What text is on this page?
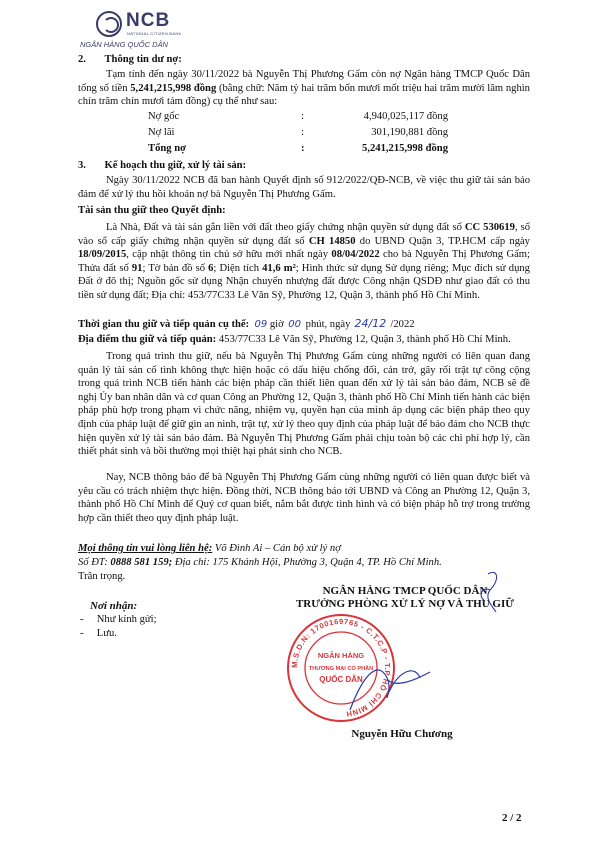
NCB
NATIONAL CITIZEN BANK
NGÂN HÀNG QUỐC DÂN
2.       Thông tin dư nợ:
Tạm tính đến ngày 30/11/2022 bà Nguyễn Thị Phương Gấm còn nợ Ngân hàng TMCP Quốc Dân tổng số tiền 5,241,215,998 đồng (bằng chữ: Năm tỷ hai trăm bốn mươi mốt triệu hai trăm mười lăm nghìn chín trăm chín mươi tám đồng) cụ thể như sau:
Nợ gốc	:	4,940,025,117 đồng
Nợ lãi	:	301,190,881 đồng
Tổng nợ	:	5,241,215,998 đồng
3.       Kế hoạch thu giữ, xử lý tài sản:
Ngày 30/11/2022 NCB đã ban hành Quyết định số 912/2022/QĐ-NCB, về việc thu giữ tài sản bảo đảm để xử lý thu hồi khoản nợ bà Nguyễn Thị Phương Gấm.
Tài sản thu giữ theo Quyết định:
Là Nhà, Đất và tài sản gắn liền với đất theo giấy chứng nhận quyền sử dụng đất số CC 530619, số vào sổ cấp giấy chứng nhận quyền sử dụng đất số CH 14850 do UBND Quận 3, TP.HCM cấp ngày 18/09/2015, cập nhật thông tin chủ sở hữu mới nhất ngày 08/04/2022 cho bà Nguyễn Thị Phương Gấm; Thửa đất số 91; Tờ bản đồ số 6; Diện tích 41,6 m²; Hình thức sử dụng Sử dụng riêng; Mục đích sử dụng Đất ở đô thị; Nguồn gốc sử dụng Nhận chuyển nhượng đất được Công nhận QSDĐ như giao đất có thu tiền sử dụng đất; Địa chỉ: 453/77C33 Lê Văn Sỹ, Phường 12, Quận 3, thành phố Hồ Chí Minh.
Thời gian thu giữ và tiếp quản cụ thể: 09 giờ 00 phút, ngày 24/12 /2022
Địa điểm thu giữ và tiếp quản: 453/77C33 Lê Văn Sỹ, Phường 12, Quận 3, thành phố Hồ Chí Minh.
Trong quá trình thu giữ, nếu bà Nguyễn Thị Phương Gấm cùng những người có liên quan đang quản lý tài sản cố tình không thực hiện hoặc có dấu hiệu chống đối, cản trở, gây rối trật tự công cộng trong quá trình NCB tiến hành các biện pháp cần thiết liên quan đến xử lý tài sản bảo đảm, NCB sẽ đề nghị Ủy ban nhân dân và cơ quan Công an Phường 12, Quận 3, thành phố Hồ Chí Minh tiến hành các biện pháp phù hợp trong phạm vi chức năng, nhiệm vụ, quyền hạn của mình áp dụng các biện pháp theo quy định của pháp luật để giữ gìn an ninh, trật tự, xử lý theo quy định của pháp luật để bảo đảm cho NCB thực hiện quyền xử lý tài sản bảo đảm. Bà Nguyễn Thị Phương Gấm phải chịu toàn bộ các chi phí hợp lý, cần thiết phát sinh và bồi thường mọi thiệt hại phát sinh cho NCB.
Nay, NCB thông báo để bà Nguyễn Thị Phương Gấm cùng những người có liên quan được biết và yêu cầu có trách nhiệm thực hiện. Đồng thời, NCB thông báo tới UBND và Công an Phường 12, Quận 3, thành phố Hồ Chí Minh để Quý cơ quan biết, nắm bắt được tình hình và có biện pháp hỗ trợ trong trường hợp cần thiết theo quy định pháp luật.
Mọi thông tin vui lòng liên hệ: Võ Đình Ai – Cán bộ xử lý nợ
Số ĐT: 0888 581 159; Địa chỉ: 175 Khánh Hội, Phường 3, Quận 4, TP. Hồ Chí Minh.
Trân trọng.
NGÂN HÀNG TMCP QUỐC DÂN
TRƯỞNG PHÒNG XỬ LÝ NỢ VÀ THU GIỮ
Nơi nhận:
-     Như kính gửi;
-     Lưu.
M.S.D.N: 1700169765 - C.T.C.P - T.P HỒ CHÍ MINH
NGÂN HÀNG
THƯƠNG MẠI CỔ PHẦN
QUỐC DÂN
Nguyễn Hữu Chương
2 / 2
